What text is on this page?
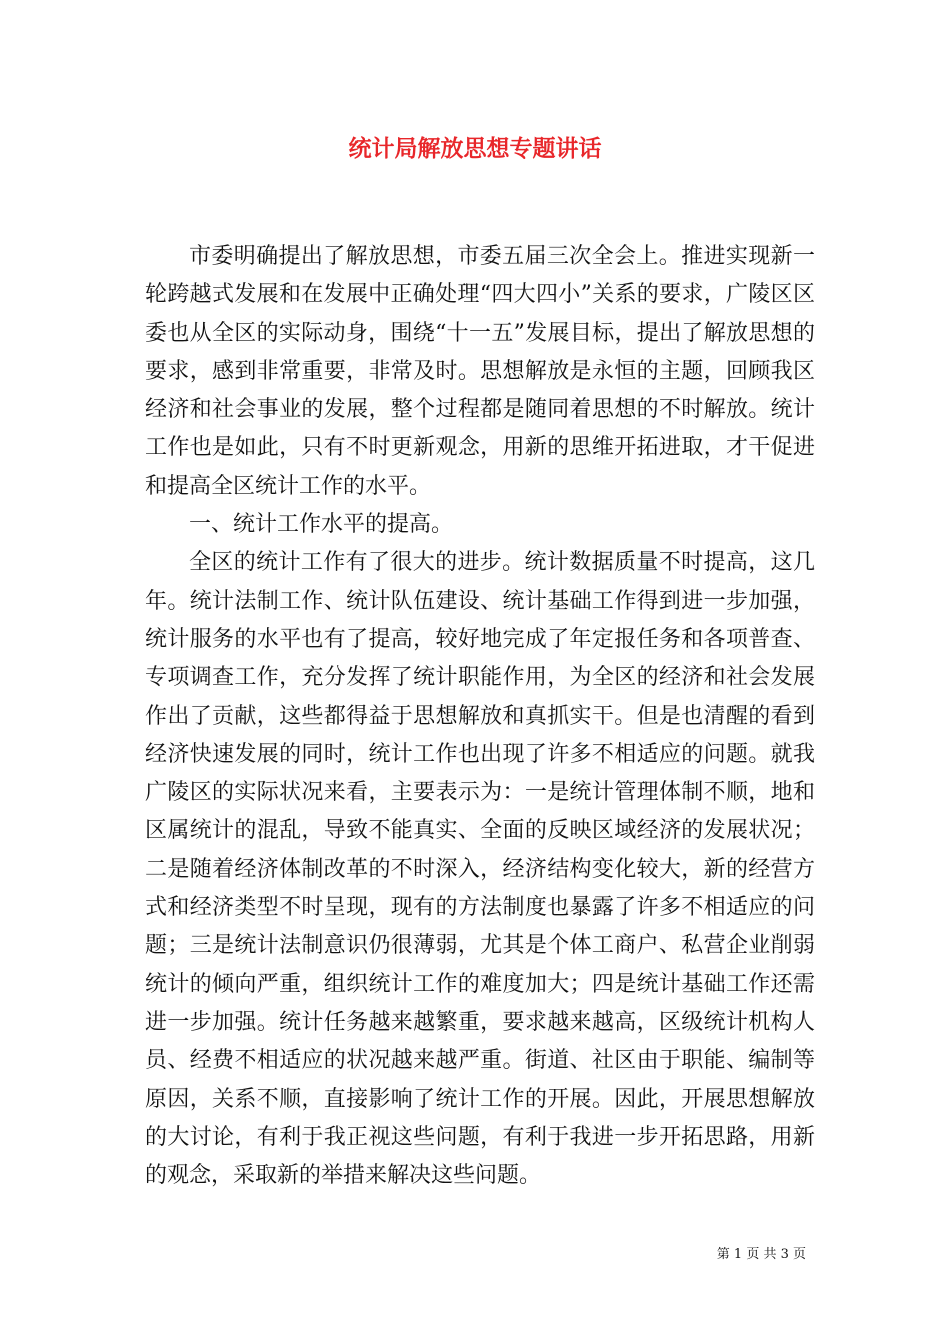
统计局解放思想专题讲话

市委明确提出了解放思想，市委五届三次全会上。推进实现新一轮跨越式发展和在发展中正确处理“四大四小”关系的要求，广陵区区委也从全区的实际动身，围绕“十一五”发展目标，提出了解放思想的要求，感到非常重要，非常及时。思想解放是永恒的主题，回顾我区经济和社会事业的发展，整个过程都是随同着思想的不时解放。统计工作也是如此，只有不时更新观念，用新的思维开拓进取，才干促进和提高全区统计工作的水平。

一、统计工作水平的提高。

全区的统计工作有了很大的进步。统计数据质量不时提高，这几年。统计法制工作、统计队伍建设、统计基础工作得到进一步加强，统计服务的水平也有了提高，较好地完成了年定报任务和各项普查、专项调查工作，充分发挥了统计职能作用，为全区的经济和社会发展作出了贡献，这些都得益于思想解放和真抓实干。但是也清醒的看到经济快速发展的同时，统计工作也出现了许多不相适应的问题。就我广陵区的实际状况来看，主要表示为：一是统计管理体制不顺，地和区属统计的混乱，导致不能真实、全面的反映区域经济的发展状况；二是随着经济体制改革的不时深入，经济结构变化较大，新的经营方式和经济类型不时呈现，现有的方法制度也暴露了许多不相适应的问题；三是统计法制意识仍很薄弱，尤其是个体工商户、私营企业削弱统计的倾向严重，组织统计工作的难度加大；四是统计基础工作还需进一步加强。统计任务越来越繁重，要求越来越高，区级统计机构人员、经费不相适应的状况越来越严重。街道、社区由于职能、编制等原因，关系不顺，直接影响了统计工作的开展。因此，开展思想解放的大讨论，有利于我正视这些问题，有利于我进一步开拓思路，用新的观念，采取新的举措来解决这些问题。

第 1 页 共 3 页
